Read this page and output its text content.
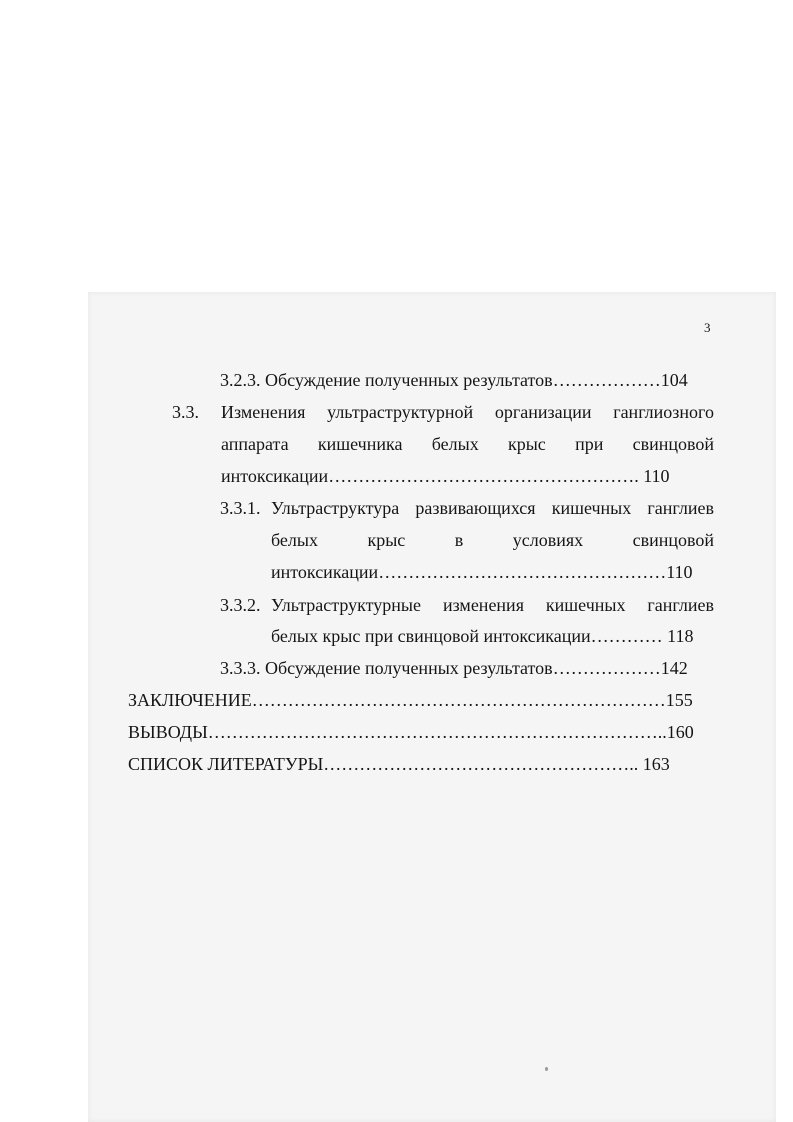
3
3.2.3. Обсуждение полученных результатов………………104
3.3. Изменения ультраструктурной организации ганглиозного
аппарата кишечника белых крыс при свинцовой
интоксикации……………………………………………. 110
3.3.1. Ультраструктура развивающихся кишечных ганглиев
белых	крыс	в	условиях	свинцовой
интоксикации…………………………………………110
3.3.2. Ультраструктурные изменения кишечных ганглиев
белых крыс при свинцовой интоксикации………… 118
3.3.3. Обсуждение полученных результатов………………142
ЗАКЛЮЧЕНИЕ……………………………………………………………155
ВЫВОДЫ…………………………………………………………………..160
СПИСОК ЛИТЕРАТУРЫ…………………………………………….. 163
